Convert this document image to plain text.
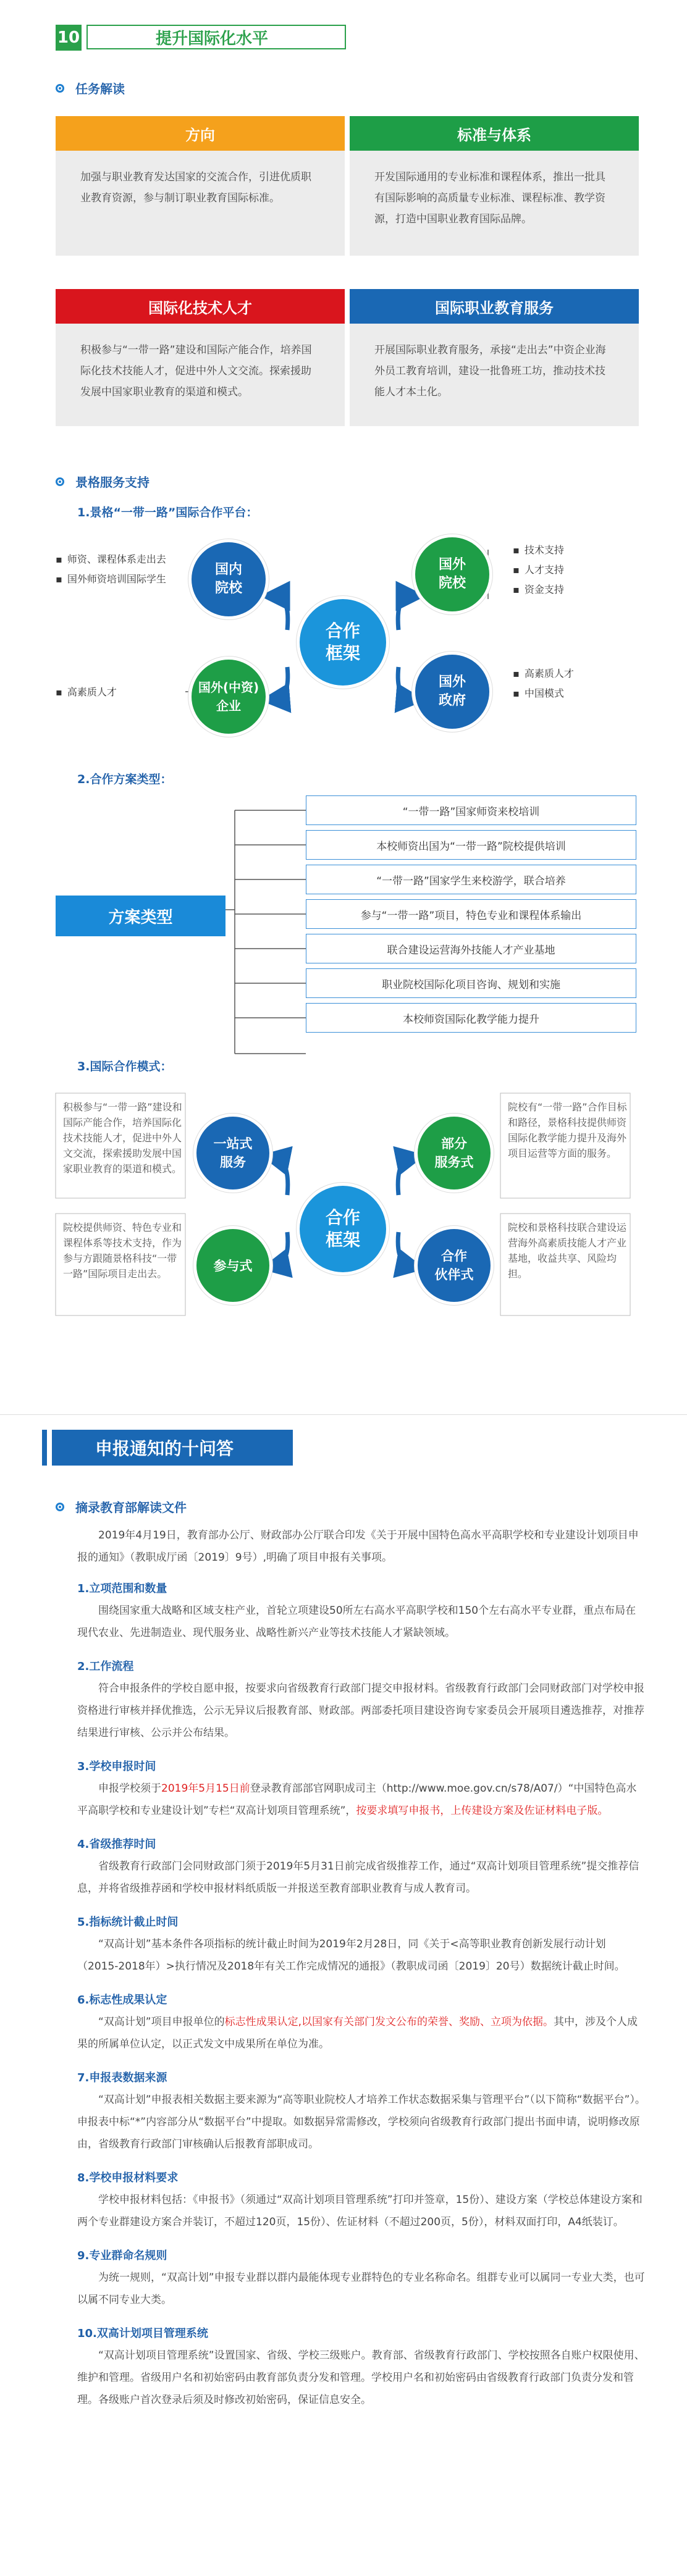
10	提升国际化水平
任务解读
方向
加强与职业教育发达国家的交流合作，引进优质职业教育资源，参与制订职业教育国际标准。
标准与体系
开发国际通用的专业标准和课程体系，推出一批具有国际影响的高质量专业标准、课程标准、教学资源，打造中国职业教育国际品牌。
国际化技术人才
积极参与“一带一路”建设和国际产能合作，培养国际化技术技能人才，促进中外人文交流。探索援助发展中国家职业教育的渠道和模式。
国际职业教育服务
开展国际职业教育服务，承接“走出去”中资企业海外员工教育培训，建设一批鲁班工坊，推动技术技能人才本土化。
景格服务支持
1.景格“一带一路”国际合作平台：
▪ 师资、课程体系走出去
▪ 国外师资培训国际学生
▪ 高素质人才
▪ 技术支持
▪ 人才支持
▪ 资金支持
▪ 高素质人才
▪ 中国模式
国内
院校
国外
院校
合作
框架
国外(中资)
企业
国外
政府
2.合作方案类型：
方案类型
“一带一路”国家师资来校培训
本校师资出国为“一带一路”院校提供培训
“一带一路”国家学生来校游学，联合培养
参与“一带一路”项目，特色专业和课程体系输出
联合建设运营海外技能人才产业基地
职业院校国际化项目咨询、规划和实施
本校师资国际化教学能力提升
3.国际合作模式：
积极参与“一带一路”建设和国际产能合作，培养国际化技术技能人才，促进中外人文交流，探索援助发展中国家职业教育的渠道和模式。
院校提供师资、特色专业和课程体系等技术支持，作为参与方跟随景格科技“一带一路”国际项目走出去。
院校有“一带一路”合作目标和路径，景格科技提供师资国际化教学能力提升及海外项目运营等方面的服务。
院校和景格科技联合建设运营海外高素质技能人才产业基地，收益共享、风险均担。
一站式
服务
部分
服务式
合作
框架
参与式
合作
伙伴式
申报通知的十问答
摘录教育部解读文件
2019年4月19日，教育部办公厅、财政部办公厅联合印发《关于开展中国特色高水平高职学校和专业建设计划项目申报的通知》（教职成厅函〔2019〕9号）,明确了项目申报有关事项。
1.立项范围和数量
围绕国家重大战略和区域支柱产业，首轮立项建设50所左右高水平高职学校和150个左右高水平专业群，重点布局在现代农业、先进制造业、现代服务业、战略性新兴产业等技术技能人才紧缺领域。
2.工作流程
符合申报条件的学校自愿申报，按要求向省级教育行政部门提交申报材料。省级教育行政部门会同财政部门对学校申报资格进行审核并择优推选，公示无异议后报教育部、财政部。两部委托项目建设咨询专家委员会开展项目遴选推荐，对推荐结果进行审核、公示并公布结果。
3.学校申报时间
申报学校须于2019年5月15日前登录教育部部官网职成司主（http://www.moe.gov.cn/s78/A07/）“中国特色高水平高职学校和专业建设计划”专栏“双高计划项目管理系统”，按要求填写申报书，上传建设方案及佐证材料电子版。
4.省级推荐时间
省级教育行政部门会同财政部门须于2019年5月31日前完成省级推荐工作，通过“双高计划项目管理系统”提交推荐信息，并将省级推荐函和学校申报材料纸质版一并报送至教育部职业教育与成人教育司。
5.指标统计截止时间
“双高计划”基本条件各项指标的统计截止时间为2019年2月28日，同《关于<高等职业教育创新发展行动计划（2015-2018年）>执行情况及2018年有关工作完成情况的通报》（教职成司函〔2019〕20号）数据统计截止时间。
6.标志性成果认定
“双高计划”项目申报单位的标志性成果认定,以国家有关部门发文公布的荣誉、奖励、立项为依据。其中，涉及个人成果的所属单位认定，以正式发文中成果所在单位为准。
7.申报表数据来源
“双高计划”申报表相关数据主要来源为“高等职业院校人才培养工作状态数据采集与管理平台”（以下简称“数据平台”）。申报表中标“*”内容部分从“数据平台”中提取。如数据异常需修改，学校须向省级教育行政部门提出书面申请，说明修改原由，省级教育行政部门审核确认后报教育部职成司。
8.学校申报材料要求
学校申报材料包括：《申报书》（须通过“双高计划项目管理系统”打印并签章，15份）、建设方案（学校总体建设方案和两个专业群建设方案合并装订，不超过120页，15份）、佐证材料（不超过200页，5份），材料双面打印，A4纸装订。
9.专业群命名规则
为统一规则，“双高计划”申报专业群以群内最能体现专业群特色的专业名称命名。组群专业可以属同一专业大类，也可以属不同专业大类。
10.双高计划项目管理系统
“双高计划项目管理系统”设置国家、省级、学校三级账户。教育部、省级教育行政部门、学校按照各自账户权限使用、维护和管理。省级用户名和初始密码由教育部负责分发和管理。学校用户名和初始密码由省级教育行政部门负责分发和管理。各级账户首次登录后须及时修改初始密码，保证信息安全。
